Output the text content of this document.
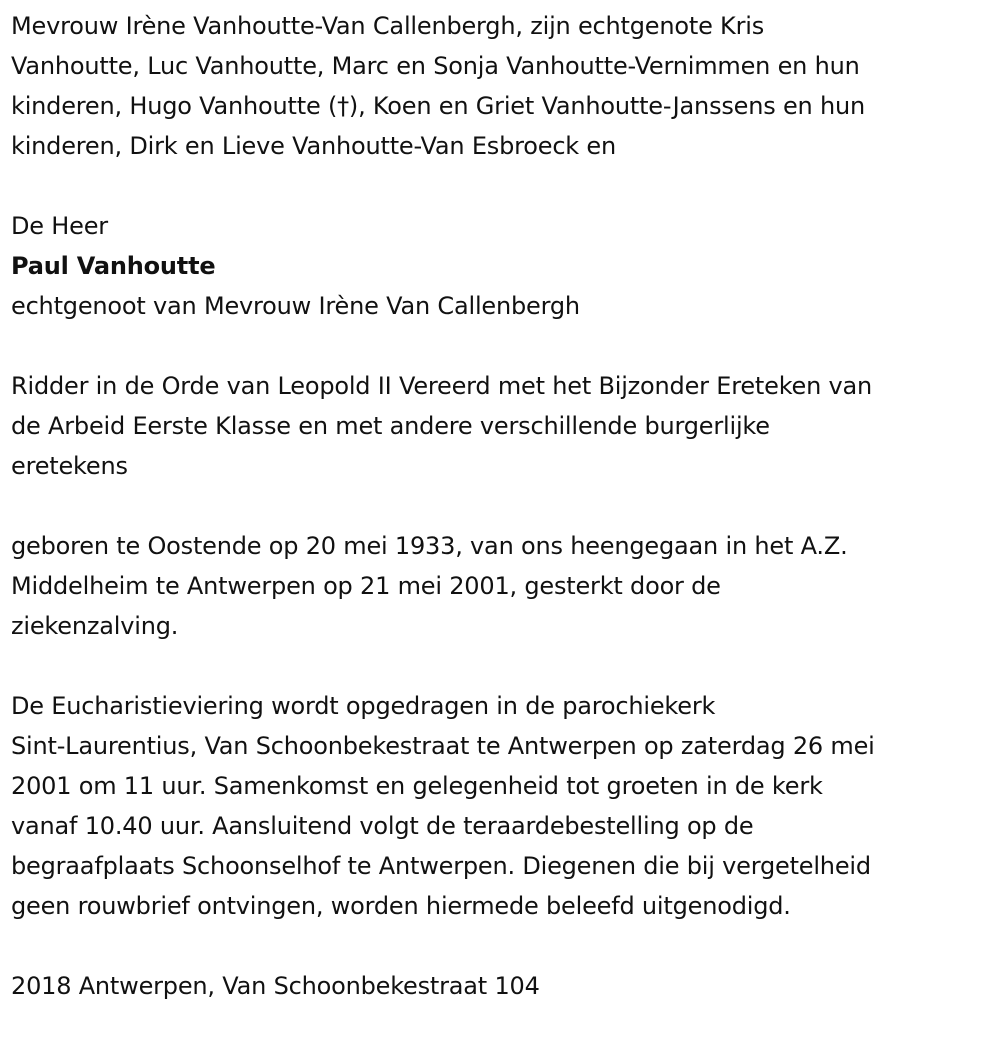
Mevrouw Irène Vanhoutte-Van Callenbergh, zijn echtgenote Kris
Vanhoutte, Luc Vanhoutte, Marc en Sonja Vanhoutte-Vernimmen en hun
kinderen, Hugo Vanhoutte (†), Koen en Griet Vanhoutte-Janssens en hun
kinderen, Dirk en Lieve Vanhoutte-Van Esbroeck en
De Heer
Paul Vanhoutte
echtgenoot van Mevrouw Irène Van Callenbergh
Ridder in de Orde van Leopold II Vereerd met het Bijzonder Ereteken van
de Arbeid Eerste Klasse en met andere verschillende burgerlijke
eretekens
geboren te Oostende op 20 mei 1933, van ons heengegaan in het A.Z.
Middelheim te Antwerpen op 21 mei 2001, gesterkt door de
ziekenzalving.
De Eucharistieviering wordt opgedragen in de parochiekerk
Sint-Laurentius, Van Schoonbekestraat te Antwerpen op zaterdag 26 mei
2001 om 11 uur. Samenkomst en gelegenheid tot groeten in de kerk
vanaf 10.40 uur. Aansluitend volgt de teraardebestelling op de
begraafplaats Schoonselhof te Antwerpen. Diegenen die bij vergetelheid
geen rouwbrief ontvingen, worden hiermede beleefd uitgenodigd.
2018 Antwerpen, Van Schoonbekestraat 104
